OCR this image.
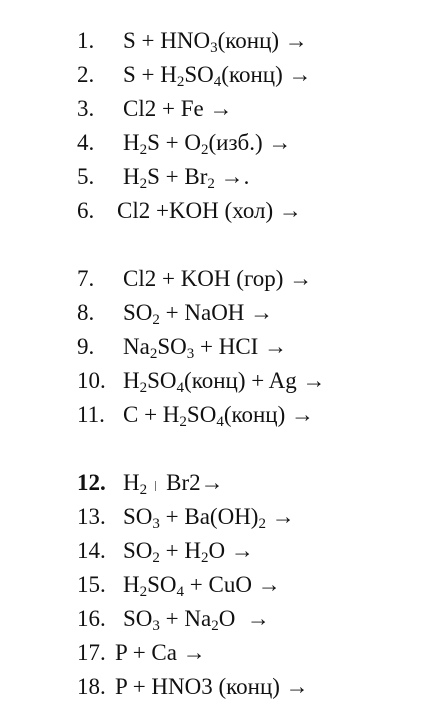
1. $S + HNO_3(конц)$ →
2. $S + H_2SO_4(конц)$ →
3. Cl2 + Fe →
4. $H_2S + O_2(изб.)$ →
5. $H_2S + Br_2$ →.
6. Cl2 +KOH (хол) →
7. Cl2 + KOH (гор) →
8. $SO_2$ + NaOH →
9. $Na_2SO_3$ + HCI →
10. $H_2SO_4(конц) + Ag$ →
11. $C + H_2SO_4(конц)$ →
12. $H_2$ Br2→
13. $SO_3 + Ba(OH)_2$ →
14. $SO_2 + H_2O$ →
15. $H_2SO_4$ + CuO →
16. $SO_3 + Na_2O$  →
17. P + Ca →
18. P + HNO3 (конц) →
